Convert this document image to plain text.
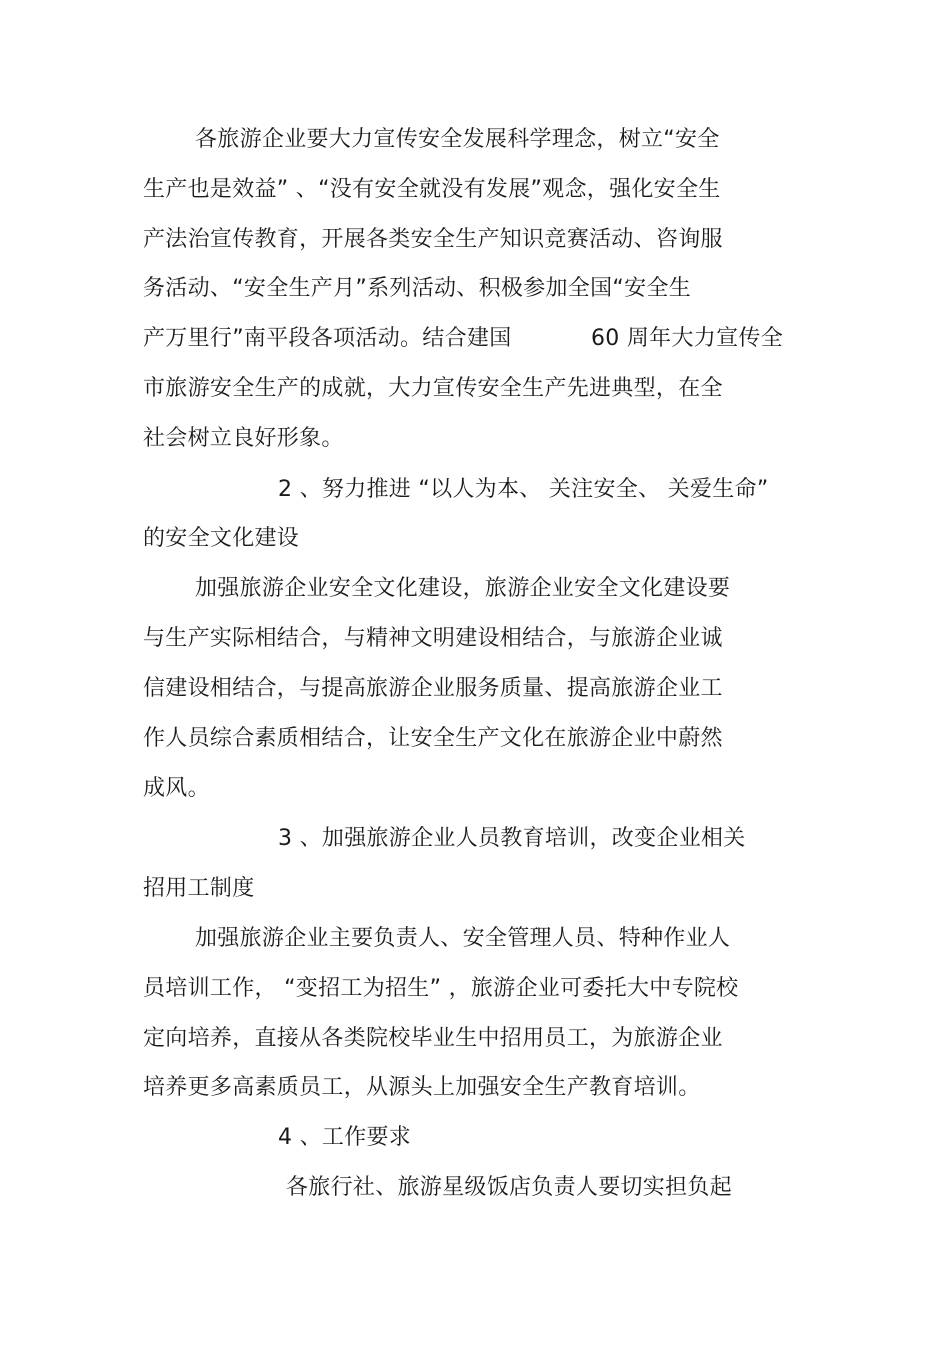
各旅游企业要大力宣传安全发展科学理念，树立“安全
生产也是效益” 、“没有安全就没有发展”观念，强化安全生
产法治宣传教育，开展各类安全生产知识竞赛活动、咨询服
务活动、“安全生产月”系列活动、积极参加全国“安全生
产万里行”南平段各项活动。结合建国	60 周年大力宣传全
市旅游安全生产的成就，大力宣传安全生产先进典型，在全
社会树立良好形象。
2 、努力推进 “以人为本、 关注安全、 关爱生命”
的安全文化建设
加强旅游企业安全文化建设，旅游企业安全文化建设要
与生产实际相结合，与精神文明建设相结合，与旅游企业诚
信建设相结合，与提高旅游企业服务质量、提高旅游企业工
作人员综合素质相结合，让安全生产文化在旅游企业中蔚然
成风。
3 、加强旅游企业人员教育培训，改变企业相关
招用工制度
加强旅游企业主要负责人、安全管理人员、特种作业人
员培训工作， “变招工为招生” ，旅游企业可委托大中专院校
定向培养，直接从各类院校毕业生中招用员工，为旅游企业
培养更多高素质员工，从源头上加强安全生产教育培训。
4 、工作要求
各旅行社、旅游星级饭店负责人要切实担负起
